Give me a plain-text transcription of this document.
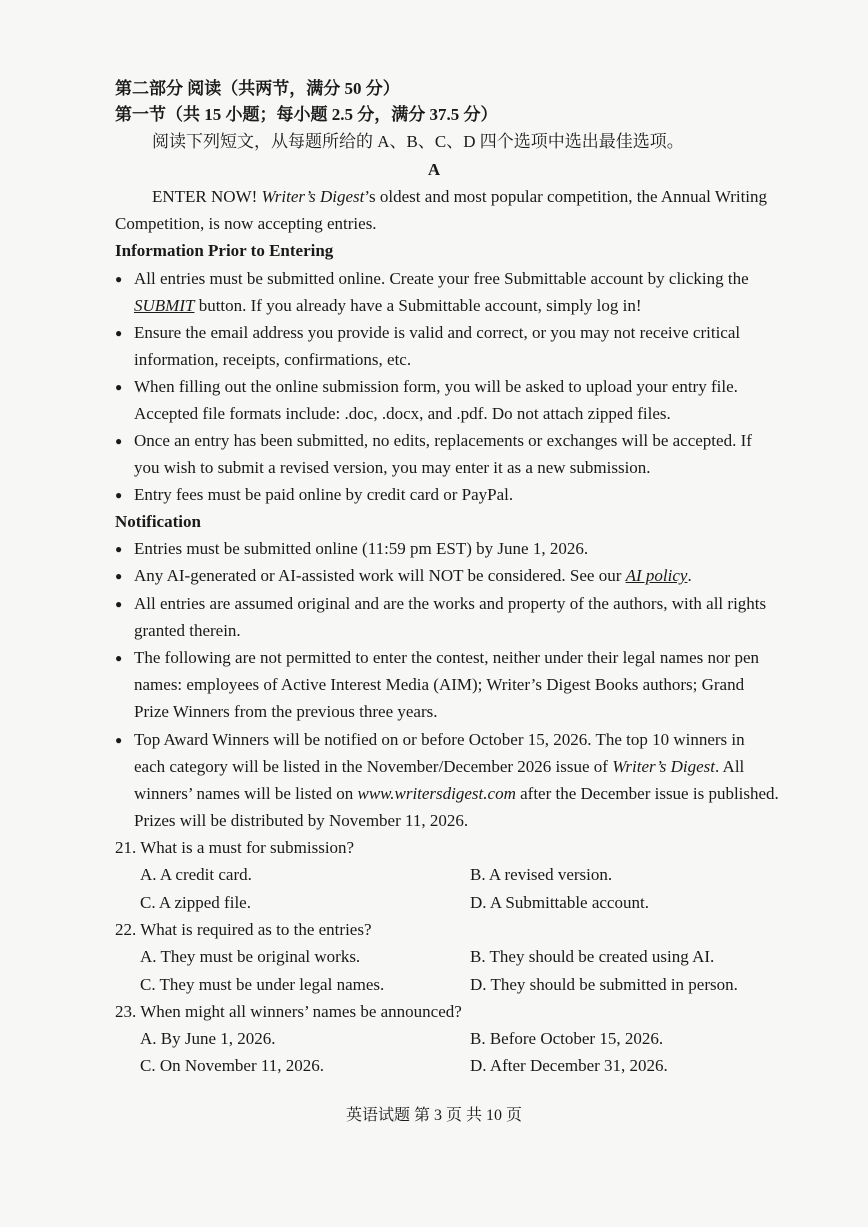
第二部分 阅读（共两节，满分 50 分）
第一节（共 15 小题；每小题 2.5 分，满分 37.5 分）
阅读下列短文，从每题所给的 A、B、C、D 四个选项中选出最佳选项。
A
ENTER NOW! Writer’s Digest’s oldest and most popular competition, the Annual Writing
Competition, is now accepting entries.
Information Prior to Entering
● All entries must be submitted online. Create your free Submittable account by clicking the
SUBMIT button. If you already have a Submittable account, simply log in!
● Ensure the email address you provide is valid and correct, or you may not receive critical
information, receipts, confirmations, etc.
● When filling out the online submission form, you will be asked to upload your entry file.
Accepted file formats include: .doc, .docx, and .pdf. Do not attach zipped files.
● Once an entry has been submitted, no edits, replacements or exchanges will be accepted. If
you wish to submit a revised version, you may enter it as a new submission.
● Entry fees must be paid online by credit card or PayPal.
Notification
● Entries must be submitted online (11:59 pm EST) by June 1, 2026.
● Any AI-generated or AI-assisted work will NOT be considered. See our AI policy.
● All entries are assumed original and are the works and property of the authors, with all rights
granted therein.
● The following are not permitted to enter the contest, neither under their legal names nor pen
names: employees of Active Interest Media (AIM); Writer’s Digest Books authors; Grand
Prize Winners from the previous three years.
● Top Award Winners will be notified on or before October 15, 2026. The top 10 winners in
each category will be listed in the November/December 2026 issue of Writer’s Digest. All
winners’ names will be listed on www.writersdigest.com after the December issue is published.
Prizes will be distributed by November 11, 2026.
21. What is a must for submission?
A. A credit card.	B. A revised version.
C. A zipped file.	D. A Submittable account.
22. What is required as to the entries?
A. They must be original works.	B. They should be created using AI.
C. They must be under legal names.	D. They should be submitted in person.
23. When might all winners’ names be announced?
A. By June 1, 2026.	B. Before October 15, 2026.
C. On November 11, 2026.	D. After December 31, 2026.
英语试题 第 3 页 共 10 页
